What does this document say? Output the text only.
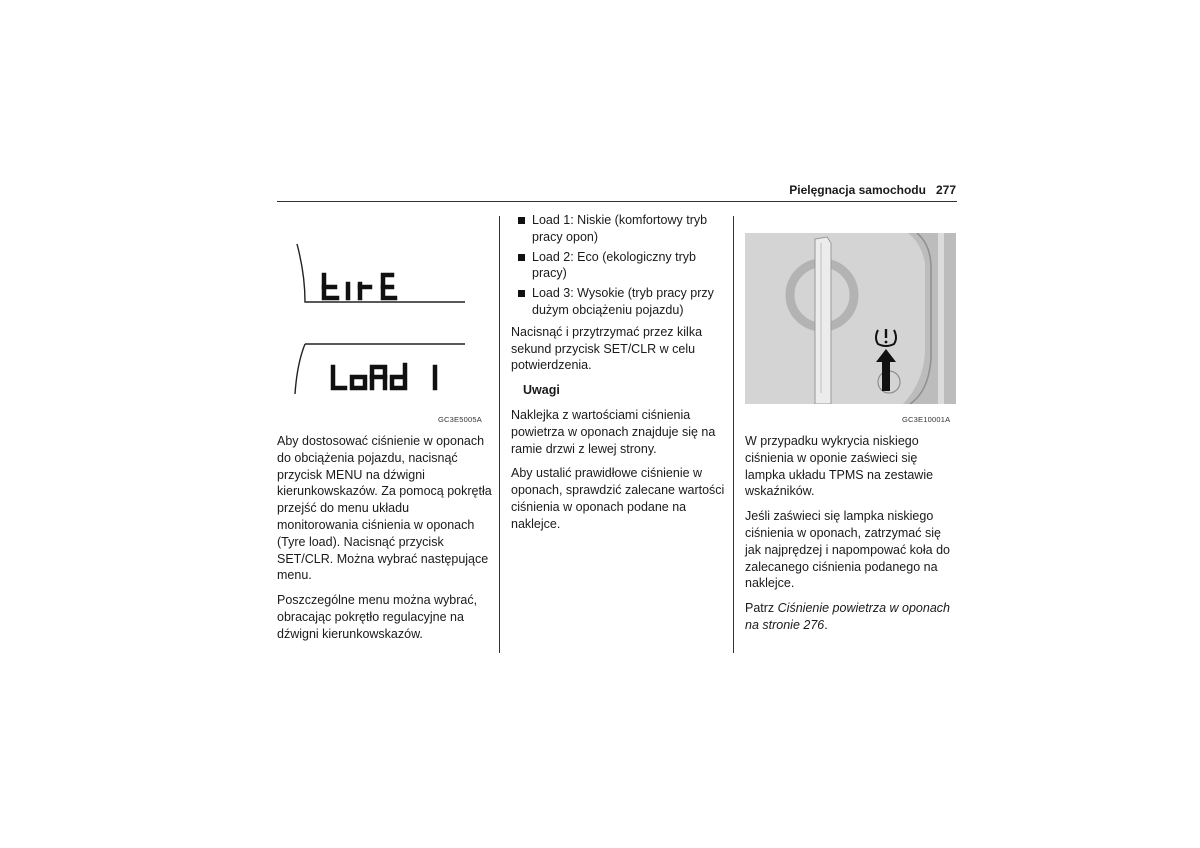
Pielęgnacja samochodu 277
GC3E5005A

Aby dostosować ciśnienie w oponach do obciążenia pojazdu, nacisnąć przycisk MENU na dźwigni kierunkowskazów. Za pomocą pokrętła przejść do menu układu monitorowania ciśnienia w oponach (Tyre load). Nacisnąć przycisk SET/CLR. Można wybrać następujące menu.

Poszczególne menu można wybrać, obracając pokrętło regulacyjne na dźwigni kierunkowskazów.

Load 1: Niskie (komfortowy tryb pracy opon)
Load 2: Eco (ekologiczny tryb pracy)
Load 3: Wysokie (tryb pracy przy dużym obciążeniu pojazdu)

Nacisnąć i przytrzymać przez kilka sekund przycisk SET/CLR w celu potwierdzenia.

Uwagi

Naklejka z wartościami ciśnienia powietrza w oponach znajduje się na ramie drzwi z lewej strony.

Aby ustalić prawidłowe ciśnienie w oponach, sprawdzić zalecane wartości ciśnienia w oponach podane na naklejce.

GC3E10001A

W przypadku wykrycia niskiego ciśnienia w oponie zaświeci się lampka układu TPMS na zestawie wskaźników.

Jeśli zaświeci się lampka niskiego ciśnienia w oponach, zatrzymać się jak najprędzej i napompować koła do zalecanego ciśnienia podanego na naklejce.

Patrz Ciśnienie powietrza w oponach na stronie 276.
